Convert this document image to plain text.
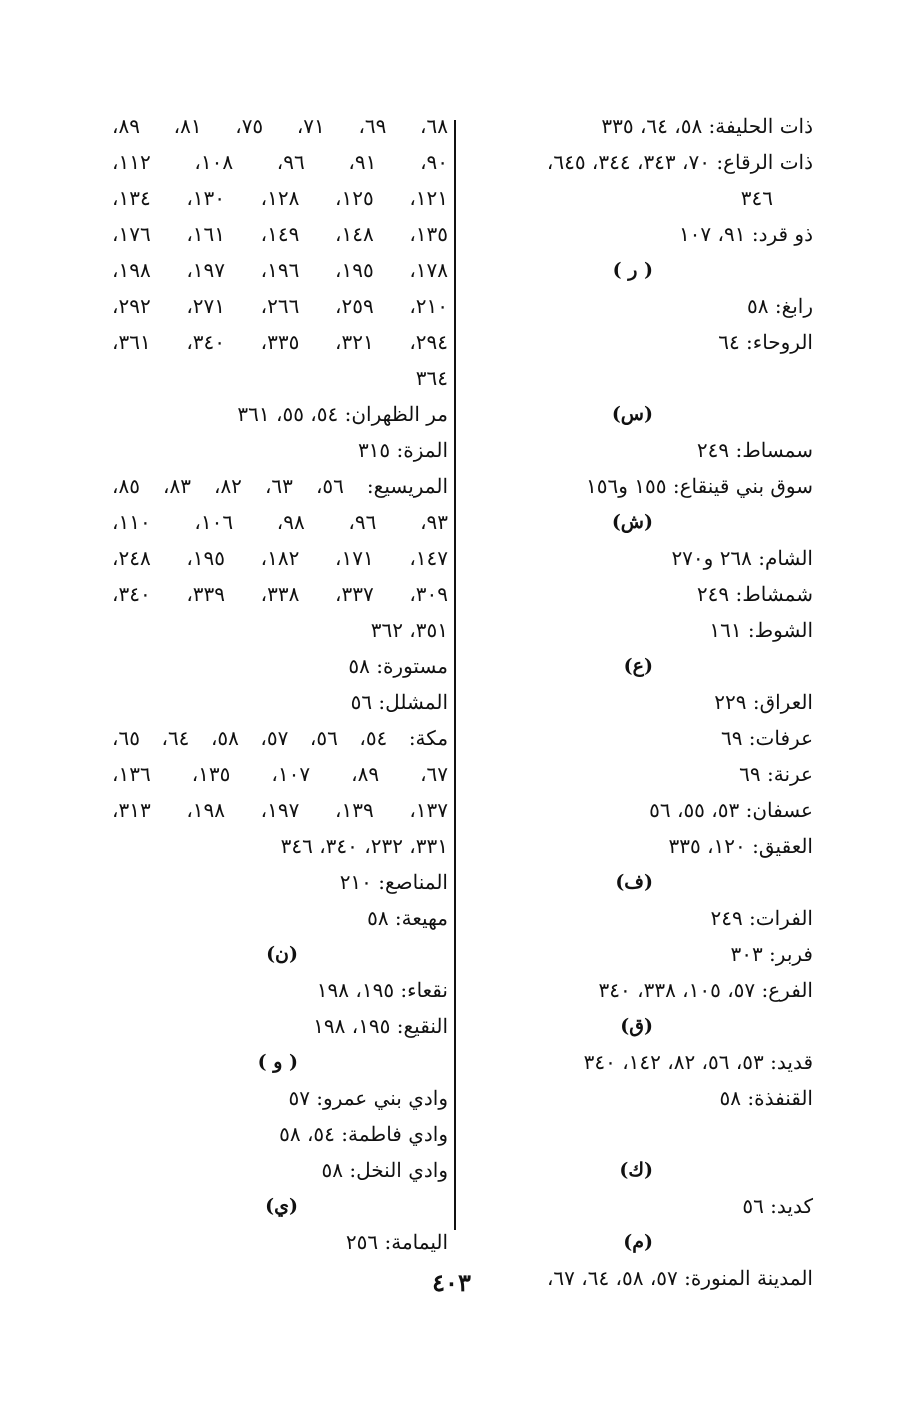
ذات الحليفة: ٥٨، ٦٤، ٣٣٥
ذات الرقاع: ٧٠، ٣٤٣، ٣٤٤، ٦٤٥،
٣٤٦
ذو قرد: ٩١، ١٠٧
( ر )
رابغ: ٥٨
الروحاء: ٦٤
(س)
سمساط: ٢٤٩
سوق بني قينقاع: ١٥٥ و١٥٦
(ش)
الشام: ٢٦٨ و٢٧٠
شمشاط: ٢٤٩
الشوط: ١٦١
(ع)
العراق: ٢٢٩
عرفات: ٦٩
عرنة: ٦٩
عسفان: ٥٣، ٥٥، ٥٦
العقيق: ١٢٠، ٣٣٥
(ف)
الفرات: ٢٤٩
فربر: ٣٠٣
الفرع: ٥٧، ١٠٥، ٣٣٨، ٣٤٠
(ق)
قديد: ٥٣، ٥٦، ٨٢، ١٤٢، ٣٤٠
القنفذة: ٥٨
(ك)
كديد: ٥٦
(م)
المدينة المنورة: ٥٧، ٥٨، ٦٤، ٦٧،
٦٨، ٦٩، ٧١، ٧٥، ٨١، ٨٩،
٩٠، ٩١، ٩٦، ١٠٨، ١١٢،
١٢١، ١٢٥، ١٢٨، ١٣٠، ١٣٤،
١٣٥، ١٤٨، ١٤٩، ١٦١، ١٧٦،
١٧٨، ١٩٥، ١٩٦، ١٩٧، ١٩٨،
٢١٠، ٢٥٩، ٢٦٦، ٢٧١، ٢٩٢،
٢٩٤، ٣٢١، ٣٣٥، ٣٤٠، ٣٦١،
٣٦٤
مر الظهران: ٥٤، ٥٥، ٣٦١
المزة: ٣١٥
المريسيع: ٥٦، ٦٣، ٨٢، ٨٣، ٨٥،
٩٣، ٩٦، ٩٨، ١٠٦، ١١٠،
١٤٧، ١٧١، ١٨٢، ١٩٥، ٢٤٨،
٣٠٩، ٣٣٧، ٣٣٨، ٣٣٩، ٣٤٠،
٣٥١، ٣٦٢
مستورة: ٥٨
المشلل: ٥٦
مكة: ٥٤، ٥٦، ٥٧، ٥٨، ٦٤، ٦٥،
٦٧، ٨٩، ١٠٧، ١٣٥، ١٣٦،
١٣٧، ١٣٩، ١٩٧، ١٩٨، ٣١٣،
٣٣١، ٢٣٢، ٣٤٠، ٣٤٦
المناصع: ٢١٠
مهيعة: ٥٨
(ن)
نقعاء: ١٩٥، ١٩٨
النقيع: ١٩٥، ١٩٨
( و )
وادي بني عمرو: ٥٧
وادي فاطمة: ٥٤، ٥٨
وادي النخل: ٥٨
(ي)
اليمامة: ٢٥٦
٤٠٣
